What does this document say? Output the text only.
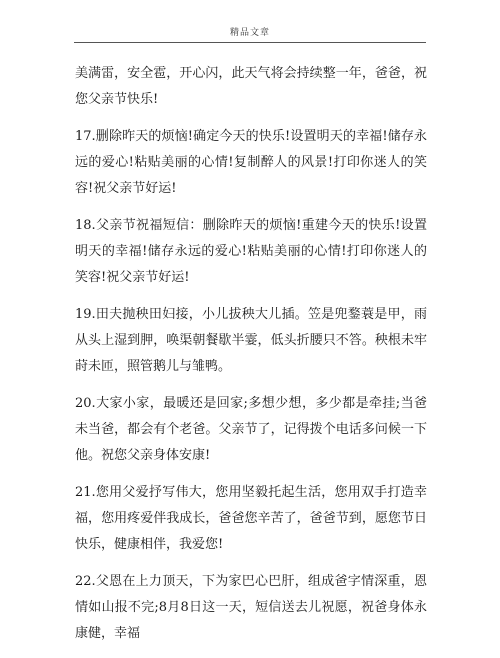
精品文章

美满雷，安全雹，开心闪，此天气将会持续整一年，爸爸，祝您父亲节快乐!

17.删除昨天的烦恼!确定今天的快乐!设置明天的幸福!储存永远的爱心!粘贴美丽的心情!复制醉人的风景!打印你迷人的笑容!祝父亲节好运!

18.父亲节祝福短信：删除昨天的烦恼!重建今天的快乐!设置明天的幸福!储存永远的爱心!粘贴美丽的心情!打印你迷人的笑容!祝父亲节好运!

19.田夫抛秧田妇接，小儿拔秧大儿插。笠是兜鍪蓑是甲，雨从头上湿到胛，唤渠朝餐歇半霎，低头折腰只不答。秧根未牢莳未匝，照管鹅儿与雏鸭。

20.大家小家，最暖还是回家;多想少想，多少都是牵挂;当爸未当爸，都会有个老爸。父亲节了，记得拨个电话多问候一下他。祝您父亲身体安康!

21.您用父爱抒写伟大，您用坚毅托起生活，您用双手打造幸福，您用疼爱伴我成长，爸爸您辛苦了，爸爸节到，愿您节日快乐，健康相伴，我爱您!

22.父恩在上力顶天，下为家巴心巴肝，组成爸字情深重，恩情如山报不完;8月8日这一天，短信送去儿祝愿，祝爸身体永康健，幸福
